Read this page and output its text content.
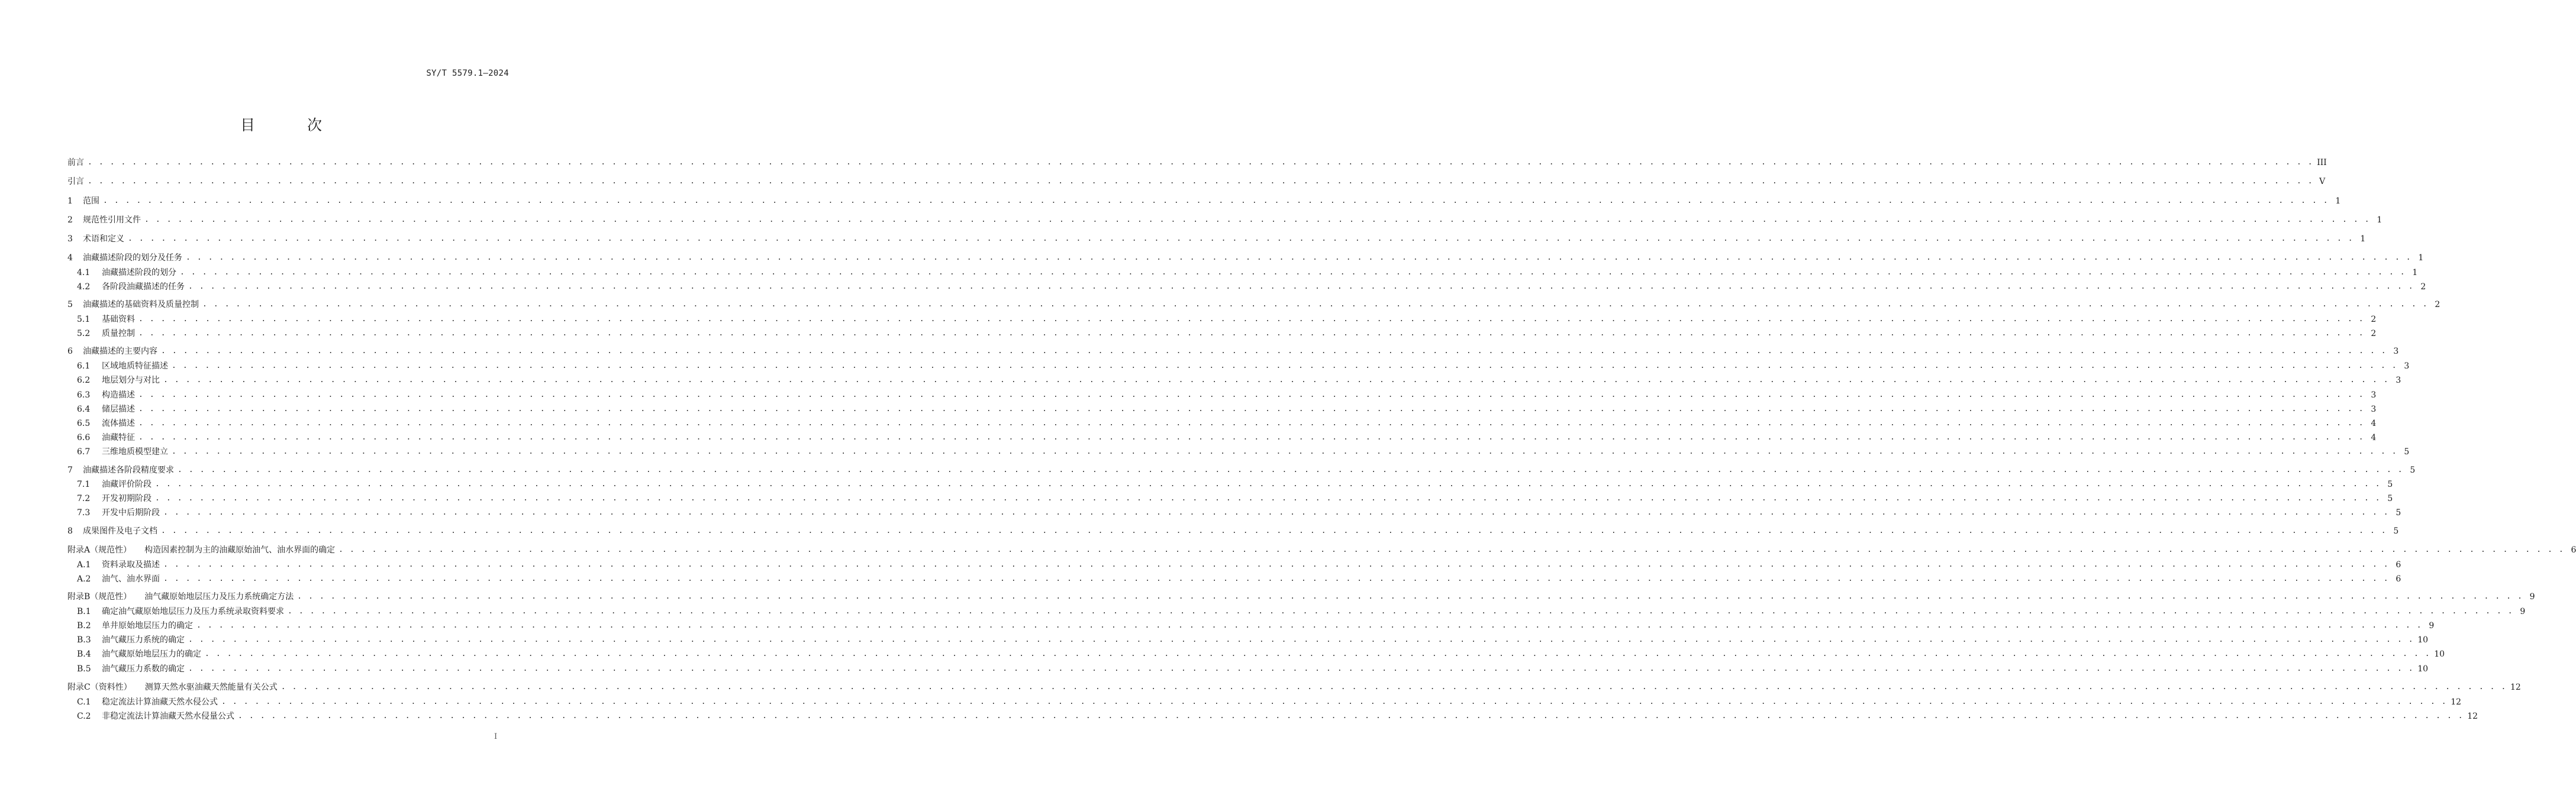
SY/T 5579.1—2024
目 次
前言 . . . . . . . . . . . . . . . . . . . . . . . . . . . . . . . . . . . . . . . . . . . . . . . . . . . . . . . . . . . . . . . . . . . . . . . . . . . . . . . . . . . . . . . . . . . . . . . . . . . . . . . . . . . . . . . . . . . . . . . . . . . . . . . . . . . . . . . . . . . . . . . . . . . . . . . . . . . . . . . . . . . . . . . . . . . . . . . . . . . . . . . . . . . . . . . . . . . . . . . . III
引言 . . . . . . . . . . . . . . . . . . . . . . . . . . . . . . . . . . . . . . . . . . . . . . . . . . . . . . . . . . . . . . . . . . . . . . . . . . . . . . . . . . . . . . . . . . . . . . . . . . . . . . . . . . . . . . . . . . . . . . . . . . . . . . . . . . . . . . . . . . . . . . . . . . . . . . . . . . . . . . . . . . . . . . . . . . . . . . . . . . . . . . . . . . . . . . . . . . . . . . . . V
1	范围 . . . . . . . . . . . . . . . . . . . . . . . . . . . . . . . . . . . . . . . . . . . . . . . . . . . . . . . . . . . . . . . . . . . . . . . . . . . . . . . . . . . . . . . . . . . . . . . . . . . . . . . . . . . . . . . . . . . . . . . . . . . . . . . . . . . . . . . . . . . . . . . . . . . . . . . . . . . . . . . . . . . . . . . . . . . . . . . . . . . . . . . . . . . . . . . . . . . . . . . . 1
2	规范性引用文件 . . . . . . . . . . . . . . . . . . . . . . . . . . . . . . . . . . . . . . . . . . . . . . . . . . . . . . . . . . . . . . . . . . . . . . . . . . . . . . . . . . . . . . . . . . . . . . . . . . . . . . . . . . . . . . . . . . . . . . . . . . . . . . . . . . . . . . . . . . . . . . . . . . . . . . . . . . . . . . . . . . . . . . . . . . . . . . . . . . . . . . . . . . . . . . . . . . . . . . . . 1
3	术语和定义 . . . . . . . . . . . . . . . . . . . . . . . . . . . . . . . . . . . . . . . . . . . . . . . . . . . . . . . . . . . . . . . . . . . . . . . . . . . . . . . . . . . . . . . . . . . . . . . . . . . . . . . . . . . . . . . . . . . . . . . . . . . . . . . . . . . . . . . . . . . . . . . . . . . . . . . . . . . . . . . . . . . . . . . . . . . . . . . . . . . . . . . . . . . . . . . . . . . . . . . . 1
4	油藏描述阶段的划分及任务 . . . . . . . . . . . . . . . . . . . . . . . . . . . . . . . . . . . . . . . . . . . . . . . . . . . . . . . . . . . . . . . . . . . . . . . . . . . . . . . . . . . . . . . . . . . . . . . . . . . . . . . . . . . . . . . . . . . . . . . . . . . . . . . . . . . . . . . . . . . . . . . . . . . . . . . . . . . . . . . . . . . . . . . . . . . . . . . . . . . . . . . . . . . . . . . . . . . . . . . . 1
4.1	油藏描述阶段的划分 . . . . . . . . . . . . . . . . . . . . . . . . . . . . . . . . . . . . . . . . . . . . . . . . . . . . . . . . . . . . . . . . . . . . . . . . . . . . . . . . . . . . . . . . . . . . . . . . . . . . . . . . . . . . . . . . . . . . . . . . . . . . . . . . . . . . . . . . . . . . . . . . . . . . . . . . . . . . . . . . . . . . . . . . . . . . . . . . . . . . . . . . . . . . . . . . . . . . . . . . 1
4.2	各阶段油藏描述的任务 . . . . . . . . . . . . . . . . . . . . . . . . . . . . . . . . . . . . . . . . . . . . . . . . . . . . . . . . . . . . . . . . . . . . . . . . . . . . . . . . . . . . . . . . . . . . . . . . . . . . . . . . . . . . . . . . . . . . . . . . . . . . . . . . . . . . . . . . . . . . . . . . . . . . . . . . . . . . . . . . . . . . . . . . . . . . . . . . . . . . . . . . . . . . . . . . . . . . . . . . 2
5	油藏描述的基础资料及质量控制 . . . . . . . . . . . . . . . . . . . . . . . . . . . . . . . . . . . . . . . . . . . . . . . . . . . . . . . . . . . . . . . . . . . . . . . . . . . . . . . . . . . . . . . . . . . . . . . . . . . . . . . . . . . . . . . . . . . . . . . . . . . . . . . . . . . . . . . . . . . . . . . . . . . . . . . . . . . . . . . . . . . . . . . . . . . . . . . . . . . . . . . . . . . . . . . . . . . . . . . . 2
5.1	基础资料 . . . . . . . . . . . . . . . . . . . . . . . . . . . . . . . . . . . . . . . . . . . . . . . . . . . . . . . . . . . . . . . . . . . . . . . . . . . . . . . . . . . . . . . . . . . . . . . . . . . . . . . . . . . . . . . . . . . . . . . . . . . . . . . . . . . . . . . . . . . . . . . . . . . . . . . . . . . . . . . . . . . . . . . . . . . . . . . . . . . . . . . . . . . . . . . . . . . . . . . . 2
5.2	质量控制 . . . . . . . . . . . . . . . . . . . . . . . . . . . . . . . . . . . . . . . . . . . . . . . . . . . . . . . . . . . . . . . . . . . . . . . . . . . . . . . . . . . . . . . . . . . . . . . . . . . . . . . . . . . . . . . . . . . . . . . . . . . . . . . . . . . . . . . . . . . . . . . . . . . . . . . . . . . . . . . . . . . . . . . . . . . . . . . . . . . . . . . . . . . . . . . . . . . . . . . . 2
6	油藏描述的主要内容 . . . . . . . . . . . . . . . . . . . . . . . . . . . . . . . . . . . . . . . . . . . . . . . . . . . . . . . . . . . . . . . . . . . . . . . . . . . . . . . . . . . . . . . . . . . . . . . . . . . . . . . . . . . . . . . . . . . . . . . . . . . . . . . . . . . . . . . . . . . . . . . . . . . . . . . . . . . . . . . . . . . . . . . . . . . . . . . . . . . . . . . . . . . . . . . . . . . . . . . . 3
6.1	区域地质特征描述 . . . . . . . . . . . . . . . . . . . . . . . . . . . . . . . . . . . . . . . . . . . . . . . . . . . . . . . . . . . . . . . . . . . . . . . . . . . . . . . . . . . . . . . . . . . . . . . . . . . . . . . . . . . . . . . . . . . . . . . . . . . . . . . . . . . . . . . . . . . . . . . . . . . . . . . . . . . . . . . . . . . . . . . . . . . . . . . . . . . . . . . . . . . . . . . . . . . . . . . . 3
6.2	地层划分与对比 . . . . . . . . . . . . . . . . . . . . . . . . . . . . . . . . . . . . . . . . . . . . . . . . . . . . . . . . . . . . . . . . . . . . . . . . . . . . . . . . . . . . . . . . . . . . . . . . . . . . . . . . . . . . . . . . . . . . . . . . . . . . . . . . . . . . . . . . . . . . . . . . . . . . . . . . . . . . . . . . . . . . . . . . . . . . . . . . . . . . . . . . . . . . . . . . . . . . . . . . 3
6.3	构造描述 . . . . . . . . . . . . . . . . . . . . . . . . . . . . . . . . . . . . . . . . . . . . . . . . . . . . . . . . . . . . . . . . . . . . . . . . . . . . . . . . . . . . . . . . . . . . . . . . . . . . . . . . . . . . . . . . . . . . . . . . . . . . . . . . . . . . . . . . . . . . . . . . . . . . . . . . . . . . . . . . . . . . . . . . . . . . . . . . . . . . . . . . . . . . . . . . . . . . . . . . 3
6.4	储层描述 . . . . . . . . . . . . . . . . . . . . . . . . . . . . . . . . . . . . . . . . . . . . . . . . . . . . . . . . . . . . . . . . . . . . . . . . . . . . . . . . . . . . . . . . . . . . . . . . . . . . . . . . . . . . . . . . . . . . . . . . . . . . . . . . . . . . . . . . . . . . . . . . . . . . . . . . . . . . . . . . . . . . . . . . . . . . . . . . . . . . . . . . . . . . . . . . . . . . . . . . 3
6.5	流体描述 . . . . . . . . . . . . . . . . . . . . . . . . . . . . . . . . . . . . . . . . . . . . . . . . . . . . . . . . . . . . . . . . . . . . . . . . . . . . . . . . . . . . . . . . . . . . . . . . . . . . . . . . . . . . . . . . . . . . . . . . . . . . . . . . . . . . . . . . . . . . . . . . . . . . . . . . . . . . . . . . . . . . . . . . . . . . . . . . . . . . . . . . . . . . . . . . . . . . . . . . 4
6.6	油藏特征 . . . . . . . . . . . . . . . . . . . . . . . . . . . . . . . . . . . . . . . . . . . . . . . . . . . . . . . . . . . . . . . . . . . . . . . . . . . . . . . . . . . . . . . . . . . . . . . . . . . . . . . . . . . . . . . . . . . . . . . . . . . . . . . . . . . . . . . . . . . . . . . . . . . . . . . . . . . . . . . . . . . . . . . . . . . . . . . . . . . . . . . . . . . . . . . . . . . . . . . . 4
6.7	三维地质模型建立 . . . . . . . . . . . . . . . . . . . . . . . . . . . . . . . . . . . . . . . . . . . . . . . . . . . . . . . . . . . . . . . . . . . . . . . . . . . . . . . . . . . . . . . . . . . . . . . . . . . . . . . . . . . . . . . . . . . . . . . . . . . . . . . . . . . . . . . . . . . . . . . . . . . . . . . . . . . . . . . . . . . . . . . . . . . . . . . . . . . . . . . . . . . . . . . . . . . . . . . . 5
7	油藏描述各阶段精度要求 . . . . . . . . . . . . . . . . . . . . . . . . . . . . . . . . . . . . . . . . . . . . . . . . . . . . . . . . . . . . . . . . . . . . . . . . . . . . . . . . . . . . . . . . . . . . . . . . . . . . . . . . . . . . . . . . . . . . . . . . . . . . . . . . . . . . . . . . . . . . . . . . . . . . . . . . . . . . . . . . . . . . . . . . . . . . . . . . . . . . . . . . . . . . . . . . . . . . . . . . 5
7.1	油藏评价阶段 . . . . . . . . . . . . . . . . . . . . . . . . . . . . . . . . . . . . . . . . . . . . . . . . . . . . . . . . . . . . . . . . . . . . . . . . . . . . . . . . . . . . . . . . . . . . . . . . . . . . . . . . . . . . . . . . . . . . . . . . . . . . . . . . . . . . . . . . . . . . . . . . . . . . . . . . . . . . . . . . . . . . . . . . . . . . . . . . . . . . . . . . . . . . . . . . . . . . . . . . 5
7.2	开发初期阶段 . . . . . . . . . . . . . . . . . . . . . . . . . . . . . . . . . . . . . . . . . . . . . . . . . . . . . . . . . . . . . . . . . . . . . . . . . . . . . . . . . . . . . . . . . . . . . . . . . . . . . . . . . . . . . . . . . . . . . . . . . . . . . . . . . . . . . . . . . . . . . . . . . . . . . . . . . . . . . . . . . . . . . . . . . . . . . . . . . . . . . . . . . . . . . . . . . . . . . . . . 5
7.3	开发中后期阶段 . . . . . . . . . . . . . . . . . . . . . . . . . . . . . . . . . . . . . . . . . . . . . . . . . . . . . . . . . . . . . . . . . . . . . . . . . . . . . . . . . . . . . . . . . . . . . . . . . . . . . . . . . . . . . . . . . . . . . . . . . . . . . . . . . . . . . . . . . . . . . . . . . . . . . . . . . . . . . . . . . . . . . . . . . . . . . . . . . . . . . . . . . . . . . . . . . . . . . . . . 5
8	成果图件及电子文档 . . . . . . . . . . . . . . . . . . . . . . . . . . . . . . . . . . . . . . . . . . . . . . . . . . . . . . . . . . . . . . . . . . . . . . . . . . . . . . . . . . . . . . . . . . . . . . . . . . . . . . . . . . . . . . . . . . . . . . . . . . . . . . . . . . . . . . . . . . . . . . . . . . . . . . . . . . . . . . . . . . . . . . . . . . . . . . . . . . . . . . . . . . . . . . . . . . . . . . . . 5
附录A （规范性） 构造因素控制为主的油藏原始油气、油水界面的确定 . . . . . . . . . . . . . . . . . . . . . . . . . . . . . . . . . . . . . . . . . . . . . . . . . . . . . . . . . . . . . . . . . . . . . . . . . . . . . . . . . . . . . . . . . . . . . . . . . . . . . . . . . . . . . . . . . . . . . . . . . . . . . . . . . . . . . . . . . . . . . . . . . . . . . . . . . . . . . . . . . . . . . . . . . . . . . . . . . . . . . . . . . . . . . . . . . . . . . . . . 6
A.1	资料录取及描述 . . . . . . . . . . . . . . . . . . . . . . . . . . . . . . . . . . . . . . . . . . . . . . . . . . . . . . . . . . . . . . . . . . . . . . . . . . . . . . . . . . . . . . . . . . . . . . . . . . . . . . . . . . . . . . . . . . . . . . . . . . . . . . . . . . . . . . . . . . . . . . . . . . . . . . . . . . . . . . . . . . . . . . . . . . . . . . . . . . . . . . . . . . . . . . . . . . . . . . . . 6
A.2	油气、油水界面 . . . . . . . . . . . . . . . . . . . . . . . . . . . . . . . . . . . . . . . . . . . . . . . . . . . . . . . . . . . . . . . . . . . . . . . . . . . . . . . . . . . . . . . . . . . . . . . . . . . . . . . . . . . . . . . . . . . . . . . . . . . . . . . . . . . . . . . . . . . . . . . . . . . . . . . . . . . . . . . . . . . . . . . . . . . . . . . . . . . . . . . . . . . . . . . . . . . . . . . . 6
附录B （规范性） 油气藏原始地层压力及压力系统确定方法 . . . . . . . . . . . . . . . . . . . . . . . . . . . . . . . . . . . . . . . . . . . . . . . . . . . . . . . . . . . . . . . . . . . . . . . . . . . . . . . . . . . . . . . . . . . . . . . . . . . . . . . . . . . . . . . . . . . . . . . . . . . . . . . . . . . . . . . . . . . . . . . . . . . . . . . . . . . . . . . . . . . . . . . . . . . . . . . . . . . . . . . . . . . . . . . . . . . . . . . . 9
B.1	确定油气藏原始地层压力及压力系统录取资料要求 . . . . . . . . . . . . . . . . . . . . . . . . . . . . . . . . . . . . . . . . . . . . . . . . . . . . . . . . . . . . . . . . . . . . . . . . . . . . . . . . . . . . . . . . . . . . . . . . . . . . . . . . . . . . . . . . . . . . . . . . . . . . . . . . . . . . . . . . . . . . . . . . . . . . . . . . . . . . . . . . . . . . . . . . . . . . . . . . . . . . . . . . . . . . . . . . . . . . . . . . 9
B.2	单井原始地层压力的确定 . . . . . . . . . . . . . . . . . . . . . . . . . . . . . . . . . . . . . . . . . . . . . . . . . . . . . . . . . . . . . . . . . . . . . . . . . . . . . . . . . . . . . . . . . . . . . . . . . . . . . . . . . . . . . . . . . . . . . . . . . . . . . . . . . . . . . . . . . . . . . . . . . . . . . . . . . . . . . . . . . . . . . . . . . . . . . . . . . . . . . . . . . . . . . . . . . . . . . . . . 9
B.3	油气藏压力系统的确定 . . . . . . . . . . . . . . . . . . . . . . . . . . . . . . . . . . . . . . . . . . . . . . . . . . . . . . . . . . . . . . . . . . . . . . . . . . . . . . . . . . . . . . . . . . . . . . . . . . . . . . . . . . . . . . . . . . . . . . . . . . . . . . . . . . . . . . . . . . . . . . . . . . . . . . . . . . . . . . . . . . . . . . . . . . . . . . . . . . . . . . . . . . . . . . . . . . . . . . . . 10
B.4	油气藏原始地层压力的确定 . . . . . . . . . . . . . . . . . . . . . . . . . . . . . . . . . . . . . . . . . . . . . . . . . . . . . . . . . . . . . . . . . . . . . . . . . . . . . . . . . . . . . . . . . . . . . . . . . . . . . . . . . . . . . . . . . . . . . . . . . . . . . . . . . . . . . . . . . . . . . . . . . . . . . . . . . . . . . . . . . . . . . . . . . . . . . . . . . . . . . . . . . . . . . . . . . . . . . . . . 10
B.5	油气藏压力系数的确定 . . . . . . . . . . . . . . . . . . . . . . . . . . . . . . . . . . . . . . . . . . . . . . . . . . . . . . . . . . . . . . . . . . . . . . . . . . . . . . . . . . . . . . . . . . . . . . . . . . . . . . . . . . . . . . . . . . . . . . . . . . . . . . . . . . . . . . . . . . . . . . . . . . . . . . . . . . . . . . . . . . . . . . . . . . . . . . . . . . . . . . . . . . . . . . . . . . . . . . . . 10
附录C （资料性） 测算天然水驱油藏天然能量有关公式 . . . . . . . . . . . . . . . . . . . . . . . . . . . . . . . . . . . . . . . . . . . . . . . . . . . . . . . . . . . . . . . . . . . . . . . . . . . . . . . . . . . . . . . . . . . . . . . . . . . . . . . . . . . . . . . . . . . . . . . . . . . . . . . . . . . . . . . . . . . . . . . . . . . . . . . . . . . . . . . . . . . . . . . . . . . . . . . . . . . . . . . . . . . . . . . . . . . . . . . . 12
C.1	稳定流法计算油藏天然水侵公式 . . . . . . . . . . . . . . . . . . . . . . . . . . . . . . . . . . . . . . . . . . . . . . . . . . . . . . . . . . . . . . . . . . . . . . . . . . . . . . . . . . . . . . . . . . . . . . . . . . . . . . . . . . . . . . . . . . . . . . . . . . . . . . . . . . . . . . . . . . . . . . . . . . . . . . . . . . . . . . . . . . . . . . . . . . . . . . . . . . . . . . . . . . . . . . . . . . . . . . . . 12
C.2	非稳定流法计算油藏天然水侵量公式 . . . . . . . . . . . . . . . . . . . . . . . . . . . . . . . . . . . . . . . . . . . . . . . . . . . . . . . . . . . . . . . . . . . . . . . . . . . . . . . . . . . . . . . . . . . . . . . . . . . . . . . . . . . . . . . . . . . . . . . . . . . . . . . . . . . . . . . . . . . . . . . . . . . . . . . . . . . . . . . . . . . . . . . . . . . . . . . . . . . . . . . . . . . . . . . . . . . . . . . . 12
I
